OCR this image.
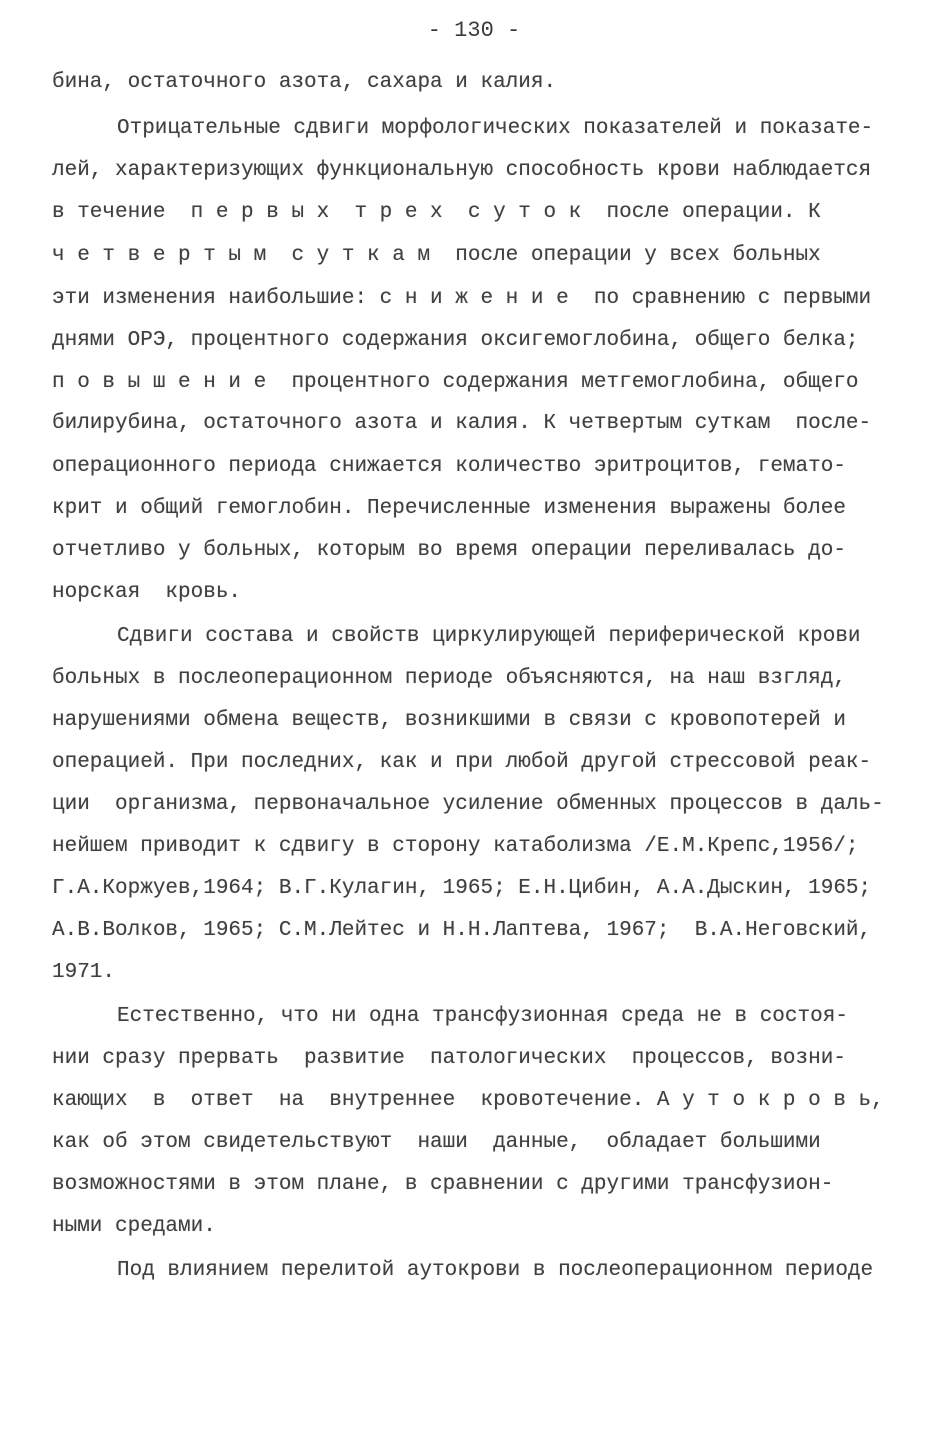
- 130 -
бина, остаточного азота, сахара и калия.
Отрицательные сдвиги морфологических показателей и показате-
лей, характеризующих функциональную способность крови наблюдается
в течение  п е р в ы х  т р е х  с у т о к  после операции. К
ч е т в е р т ы м  с у т к а м  после операции у всех больных
эти изменения наибольшие: с н и ж е н и е  по сравнению с первыми
днями ОРЭ, процентного содержания оксигемоглобина, общего белка;
п о в ы ш е н и е  процентного содержания метгемоглобина, общего
билирубина, остаточного азота и калия. К четвертым суткам  после-
операционного периода снижается количество эритроцитов, гемато-
крит и общий гемоглобин. Перечисленные изменения выражены более
отчетливо у больных, которым во время операции переливалась до-
норская  кровь.
Сдвиги состава и свойств циркулирующей периферической крови
больных в послеоперационном периоде объясняются, на наш взгляд,
нарушениями обмена веществ, возникшими в связи с кровопотерей и
операцией. При последних, как и при любой другой стрессовой реак-
ции  организма, первоначальное усиление обменных процессов в даль-
нейшем приводит к сдвигу в сторону катаболизма /Е.М.Крепс,1956/;
Г.А.Коржуев,1964; В.Г.Кулагин, 1965; Е.Н.Цибин, А.А.Дыскин, 1965;
А.В.Волков, 1965; С.М.Лейтес и Н.Н.Лаптева, 1967;  В.А.Неговский,
1971.
Естественно, что ни одна трансфузионная среда не в состоя-
нии сразу прервать  развитие  патологических  процессов, возни-
кающих  в  ответ  на  внутреннее  кровотечение. А у т о к р о в ь,
как об этом свидетельствуют  наши  данные,  обладает большими
возможностями в этом плане, в сравнении с другими трансфузион-
ными средами.
Под влиянием перелитой аутокрови в послеоперационном периоде
